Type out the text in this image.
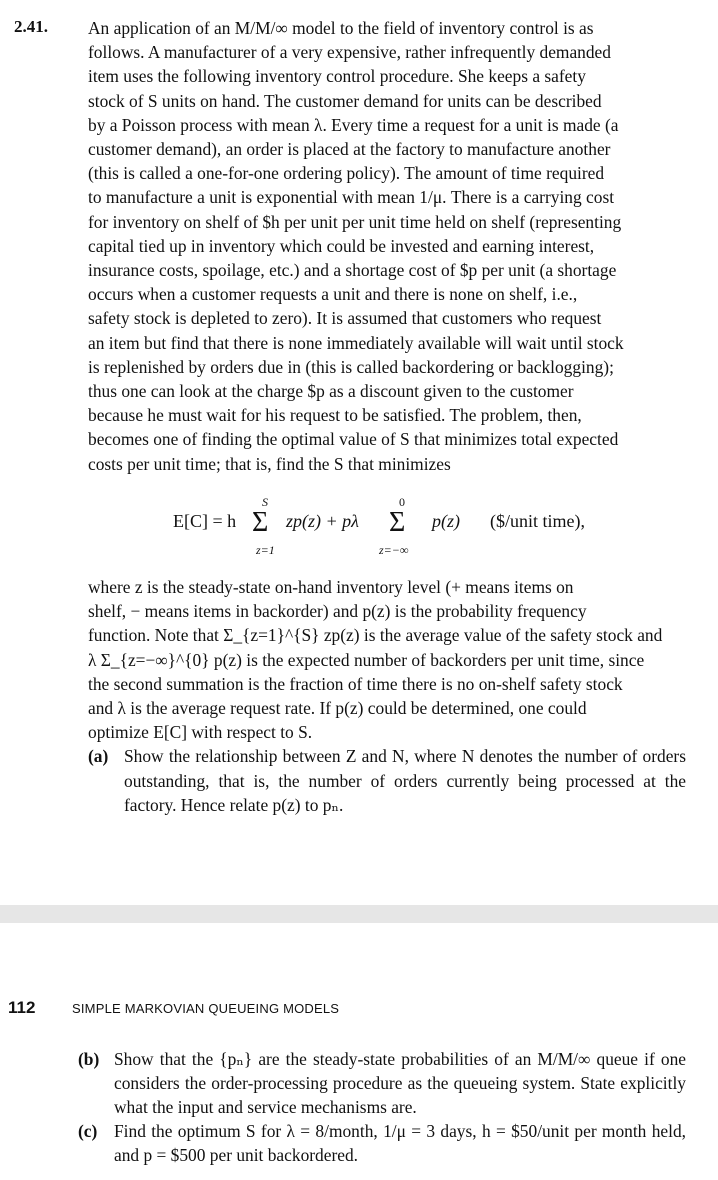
2.41. An application of an M/M/∞ model to the field of inventory control is as
follows. A manufacturer of a very expensive, rather infrequently demanded
item uses the following inventory control procedure. She keeps a safety
stock of S units on hand. The customer demand for units can be described
by a Poisson process with mean λ. Every time a request for a unit is made (a
customer demand), an order is placed at the factory to manufacture another
(this is called a one-for-one ordering policy). The amount of time required
to manufacture a unit is exponential with mean 1/μ. There is a carrying cost
for inventory on shelf of $h per unit per unit time held on shelf (representing
capital tied up in inventory which could be invested and earning interest,
insurance costs, spoilage, etc.) and a shortage cost of $p per unit (a shortage
occurs when a customer requests a unit and there is none on shelf, i.e.,
safety stock is depleted to zero). It is assumed that customers who request
an item but find that there is none immediately available will wait until stock
is replenished by orders due in (this is called backordering or backlogging);
thus one can look at the charge $p as a discount given to the customer
because he must wait for his request to be satisfied. The problem, then,
becomes one of finding the optimal value of S that minimizes total expected
costs per unit time; that is, find the S that minimizes
E[C] = h
S
Σ
z=1
zp(z) + pλ
0
Σ
z=−∞
p(z) ($/unit time),
where z is the steady-state on-hand inventory level (+ means items on
shelf, − means items in backorder) and p(z) is the probability frequency
function. Note that Σ_{z=1}^{S} zp(z) is the average value of the safety stock and
λ Σ_{z=−∞}^{0} p(z) is the expected number of backorders per unit time, since
the second summation is the fraction of time there is no on-shelf safety stock
and λ is the average request rate. If p(z) could be determined, one could
optimize E[C] with respect to S.
(a) Show the relationship between Z and N, where N denotes the number of orders outstanding, that is, the number of orders currently being processed at the factory. Hence relate p(z) to pₙ.
112	SIMPLE MARKOVIAN QUEUEING MODELS
(b) Show that the {pₙ} are the steady-state probabilities of an M/M/∞ queue if one considers the order-processing procedure as the queueing system. State explicitly what the input and service mechanisms are.
(c) Find the optimum S for λ = 8/month, 1/μ = 3 days, h = $50/unit per month held, and p = $500 per unit backordered.
